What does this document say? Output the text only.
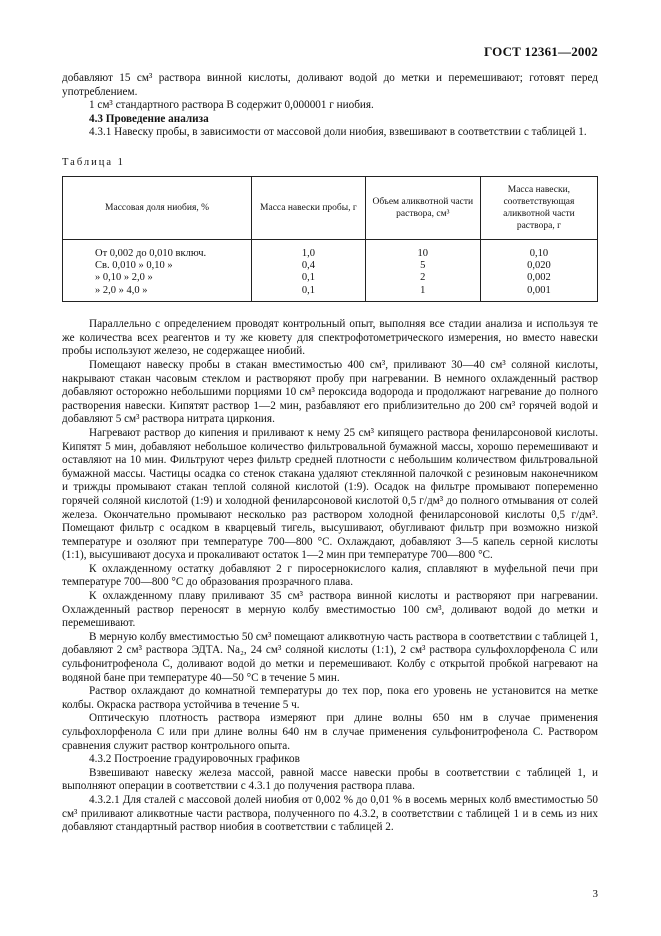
ГОСТ 12361—2002

добавляют 15 см³ раствора винной кислоты, доливают водой до метки и перемешивают; готовят перед употреблением.

1 см³ стандартного раствора В содержит 0,000001 г ниобия.

4.3 Проведение анализа

4.3.1 Навеску пробы, в зависимости от массовой доли ниобия, взвешивают в соответствии с таблицей 1.

Таблица 1
Массовая доля ниобия, %	Масса навески пробы, г	Объем аликвотной части раствора, см³	Масса навески, соответствующая аликвотной части раствора, г
От 0,002 до 0,010 включ.	1,0	10	0,10
Св. 0,010 » 0,10 »	0,4	5	0,020
» 0,10 » 2,0 »	0,1	2	0,002
» 2,0 » 4,0 »	0,1	1	0,001

Параллельно с определением проводят контрольный опыт, выполняя все стадии анализа и используя те же количества всех реагентов и ту же кювету для спектрофотометрического измерения, но вместо навески пробы используют железо, не содержащее ниобий.

Помещают навеску пробы в стакан вместимостью 400 см³, приливают 30—40 см³ соляной кислоты, накрывают стакан часовым стеклом и растворяют пробу при нагревании. В немного охлажденный раствор добавляют осторожно небольшими порциями 10 см³ пероксида водорода и продолжают нагревание до полного растворения навески. Кипятят раствор 1—2 мин, разбавляют его приблизительно до 200 см³ горячей водой и добавляют 5 см³ раствора нитрата циркония.

Нагревают раствор до кипения и приливают к нему 25 см³ кипящего раствора фениларсоновой кислоты. Кипятят 5 мин, добавляют небольшое количество фильтровальной бумажной массы, хорошо перемешивают и оставляют на 10 мин. Фильтруют через фильтр средней плотности с небольшим количеством фильтровальной бумажной массы. Частицы осадка со стенок стакана удаляют стеклянной палочкой с резиновым наконечником и трижды промывают стакан теплой соляной кислотой (1:9). Осадок на фильтре промывают попеременно горячей соляной кислотой (1:9) и холодной фениларсоновой кислотой 0,5 г/дм³ до полного отмывания от солей железа. Окончательно промывают несколько раз раствором холодной фениларсоновой кислоты 0,5 г/дм³. Помещают фильтр с осадком в кварцевый тигель, высушивают, обугливают фильтр при возможно низкой температуре и озоляют при температуре 700—800 °С. Охлаждают, добавляют 3—5 капель серной кислоты (1:1), высушивают досуха и прокаливают остаток 1—2 мин при температуре 700—800 °С.

К охлажденному остатку добавляют 2 г пиросернокислого калия, сплавляют в муфельной печи при температуре 700—800 °С до образования прозрачного плава.

К охлажденному плаву приливают 35 см³ раствора винной кислоты и растворяют при нагревании. Охлажденный раствор переносят в мерную колбу вместимостью 100 см³, доливают водой до метки и перемешивают.

В мерную колбу вместимостью 50 см³ помещают аликвотную часть раствора в соответствии с таблицей 1, добавляют 2 см³ раствора ЭДТА. Na₂, 24 см³ соляной кислоты (1:1), 2 см³ раствора сульфохлорфенола С или сульфонитрофенола С, доливают водой до метки и перемешивают. Колбу с открытой пробкой нагревают на водяной бане при температуре 40—50 °С в течение 5 мин.

Раствор охлаждают до комнатной температуры до тех пор, пока его уровень не установится на метке колбы. Окраска раствора устойчива в течение 5 ч.

Оптическую плотность раствора измеряют при длине волны 650 нм в случае применения сульфохлорфенола С или при длине волны 640 нм в случае применения сульфонитрофенола С. Раствором сравнения служит раствор контрольного опыта.

4.3.2 Построение градуировочных графиков

Взвешивают навеску железа массой, равной массе навески пробы в соответствии с таблицей 1, и выполняют операции в соответствии с 4.3.1 до получения раствора плава.

4.3.2.1 Для сталей с массовой долей ниобия от 0,002 % до 0,01 % в восемь мерных колб вместимостью 50 см³ приливают аликвотные части раствора, полученного по 4.3.2, в соответствии с таблицей 1 и в семь из них добавляют стандартный раствор ниобия в соответствии с таблицей 2.

3
